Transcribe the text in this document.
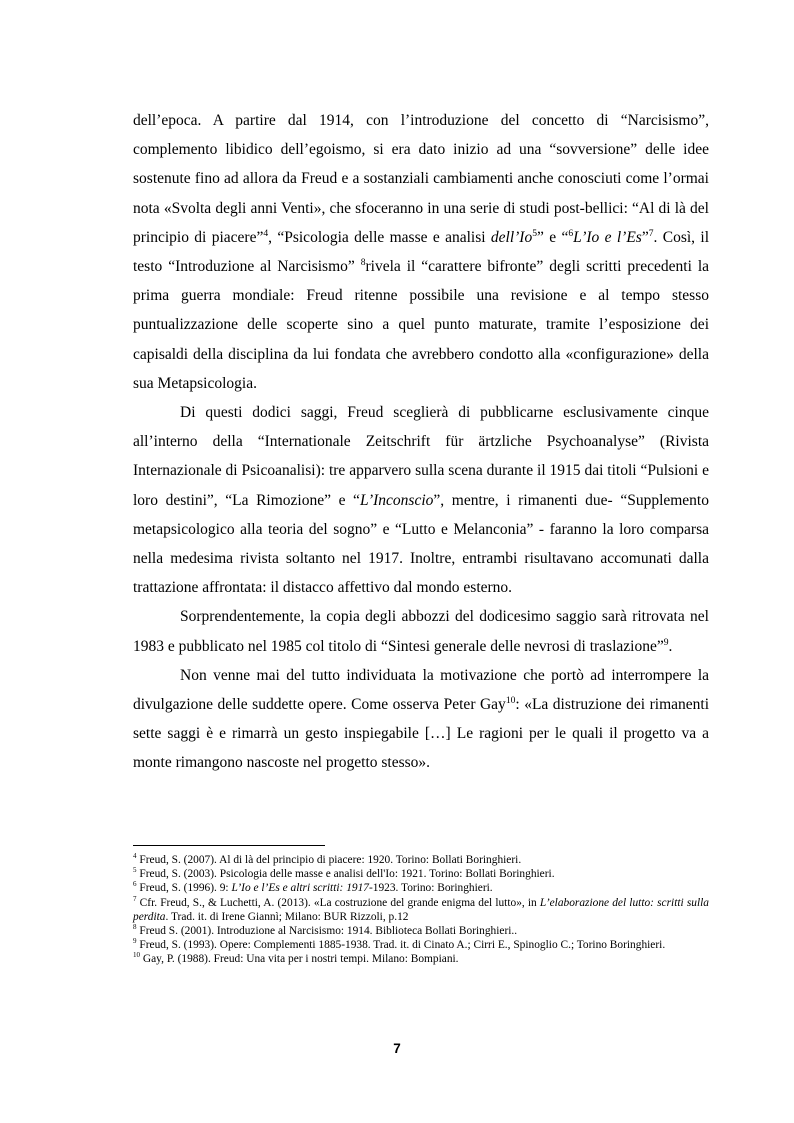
dell’epoca. A partire dal 1914, con l’introduzione del concetto di “Narcisismo”, complemento libidico dell’egoismo, si era dato inizio ad una “sovversione” delle idee sostenute fino ad allora da Freud e a sostanziali cambiamenti anche conosciuti come l’ormai nota «Svolta degli anni Venti», che sfoceranno in una serie di studi post-bellici: “Al di là del principio di piacere”$^4$, “Psicologia delle masse e analisi dell’Io$^5$” e “$^6$L’Io e l’Es”$^7$. Così, il testo “Introduzione al Narcisismo” $^8$rivela il “carattere bifronte” degli scritti precedenti la prima guerra mondiale: Freud ritenne possibile una revisione e al tempo stesso puntualizzazione delle scoperte sino a quel punto maturate, tramite l’esposizione dei capisaldi della disciplina da lui fondata che avrebbero condotto alla «configurazione» della sua Metapsicologia.

Di questi dodici saggi, Freud sceglierà di pubblicarne esclusivamente cinque all’interno della “Internationale Zeitschrift für ärtzliche Psychoanalyse” (Rivista Internazionale di Psicoanalisi): tre apparvero sulla scena durante il 1915 dai titoli “Pulsioni e loro destini”, “La Rimozione” e “L’Inconscio”, mentre, i rimanenti due- “Supplemento metapsicologico alla teoria del sogno” e “Lutto e Melanconia” - faranno la loro comparsa nella medesima rivista soltanto nel 1917. Inoltre, entrambi risultavano accomunati dalla trattazione affrontata: il distacco affettivo dal mondo esterno.

Sorprendentemente, la copia degli abbozzi del dodicesimo saggio sarà ritrovata nel 1983 e pubblicato nel 1985 col titolo di “Sintesi generale delle nevrosi di traslazione”$^9$.

Non venne mai del tutto individuata la motivazione che portò ad interrompere la divulgazione delle suddette opere. Come osserva Peter Gay$^{10}$: «La distruzione dei rimanenti sette saggi è e rimarrà un gesto inspiegabile […] Le ragioni per le quali il progetto va a monte rimangono nascoste nel progetto stesso».

$^4$ Freud, S. (2007). Al di là del principio di piacere: 1920. Torino: Bollati Boringhieri.
$^5$ Freud, S. (2003). Psicologia delle masse e analisi dell'Io: 1921. Torino: Bollati Boringhieri.
$^6$ Freud, S. (1996). 9: L’Io e l’Es e altri scritti: 1917-1923. Torino: Boringhieri.
$^7$ Cfr. Freud, S., & Luchetti, A. (2013). «La costruzione del grande enigma del lutto», in L’elaborazione del lutto: scritti sulla perdita. Trad. it. di Irene Giannì; Milano: BUR Rizzoli, p.12
$^8$ Freud S. (2001). Introduzione al Narcisismo: 1914. Biblioteca Bollati Boringhieri..
$^9$ Freud, S. (1993). Opere: Complementi 1885-1938. Trad. it. di Cinato A.; Cirri E., Spinoglio C.; Torino Boringhieri.
$^{10}$ Gay, P. (1988). Freud: Una vita per i nostri tempi. Milano: Bompiani.
7
